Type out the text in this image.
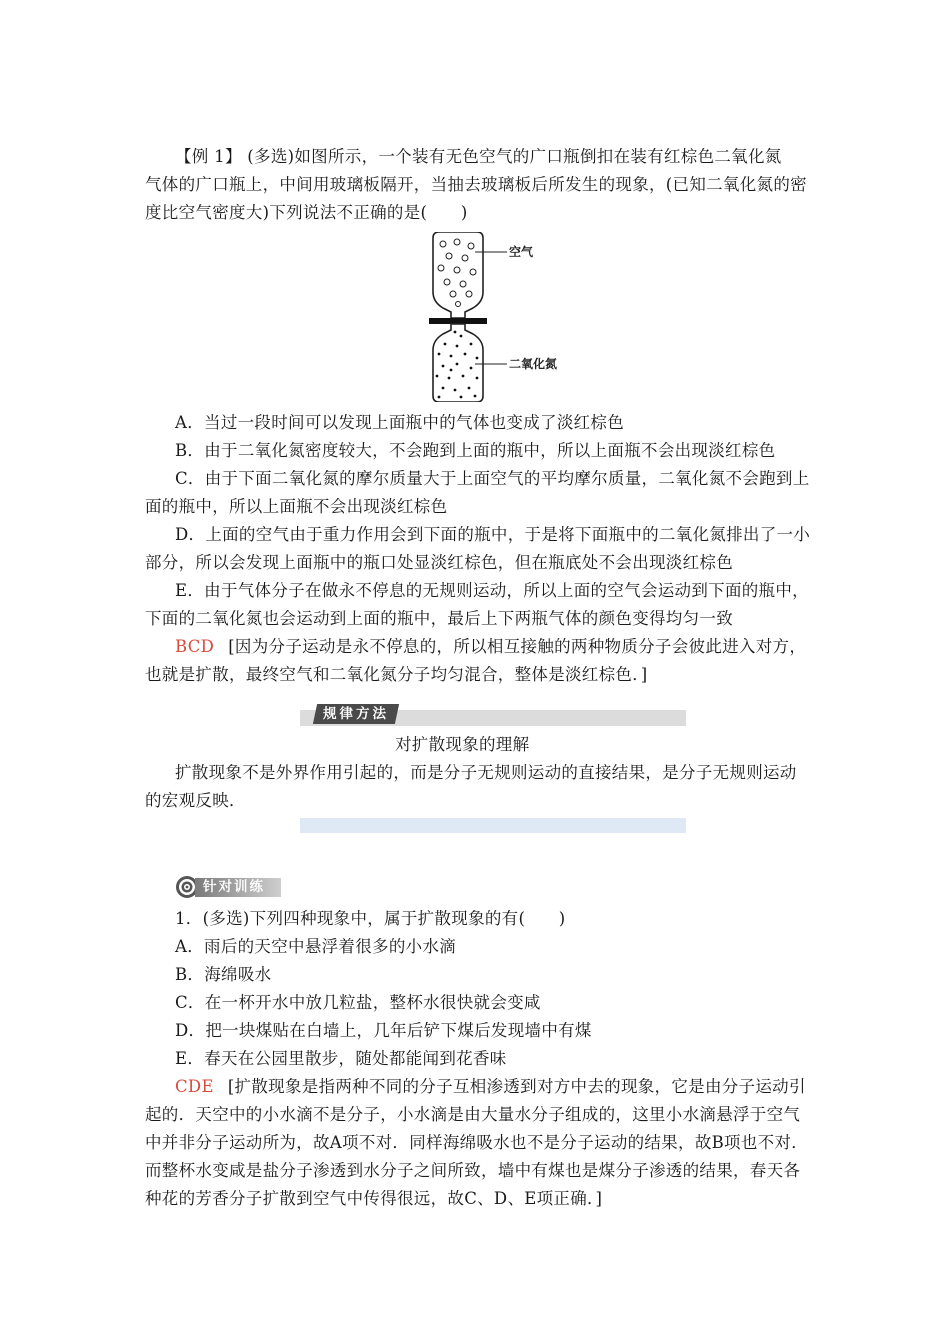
【例 1】 (多选)如图所示，一个装有无色空气的广口瓶倒扣在装有红棕色二氧化氮
气体的广口瓶上，中间用玻璃板隔开，当抽去玻璃板后所发生的现象，(已知二氧化氮的密
度比空气密度大)下列说法不正确的是(　　)
空气
二氧化氮
A．当过一段时间可以发现上面瓶中的气体也变成了淡红棕色
B．由于二氧化氮密度较大，不会跑到上面的瓶中，所以上面瓶不会出现淡红棕色
C．由于下面二氧化氮的摩尔质量大于上面空气的平均摩尔质量，二氧化氮不会跑到上
面的瓶中，所以上面瓶不会出现淡红棕色
D．上面的空气由于重力作用会到下面的瓶中，于是将下面瓶中的二氧化氮排出了一小
部分，所以会发现上面瓶中的瓶口处显淡红棕色，但在瓶底处不会出现淡红棕色
E．由于气体分子在做永不停息的无规则运动，所以上面的空气会运动到下面的瓶中，
下面的二氧化氮也会运动到上面的瓶中，最后上下两瓶气体的颜色变得均匀一致
BCD [因为分子运动是永不停息的，所以相互接触的两种物质分子会彼此进入对方，
也就是扩散，最终空气和二氧化氮分子均匀混合，整体是淡红棕色．]
规律方法
对扩散现象的理解
扩散现象不是外界作用引起的，而是分子无规则运动的直接结果，是分子无规则运动
的宏观反映．
针对训练
1．(多选)下列四种现象中，属于扩散现象的有(　　)
A．雨后的天空中悬浮着很多的小水滴
B．海绵吸水
C．在一杯开水中放几粒盐，整杯水很快就会变咸
D．把一块煤贴在白墙上，几年后铲下煤后发现墙中有煤
E．春天在公园里散步，随处都能闻到花香味
CDE [扩散现象是指两种不同的分子互相渗透到对方中去的现象，它是由分子运动引
起的．天空中的小水滴不是分子，小水滴是由大量水分子组成的，这里小水滴悬浮于空气
中并非分子运动所为，故A项不对．同样海绵吸水也不是分子运动的结果，故B项也不对．
而整杯水变咸是盐分子渗透到水分子之间所致，墙中有煤也是煤分子渗透的结果，春天各
种花的芳香分子扩散到空气中传得很远，故C、D、E项正确．]
